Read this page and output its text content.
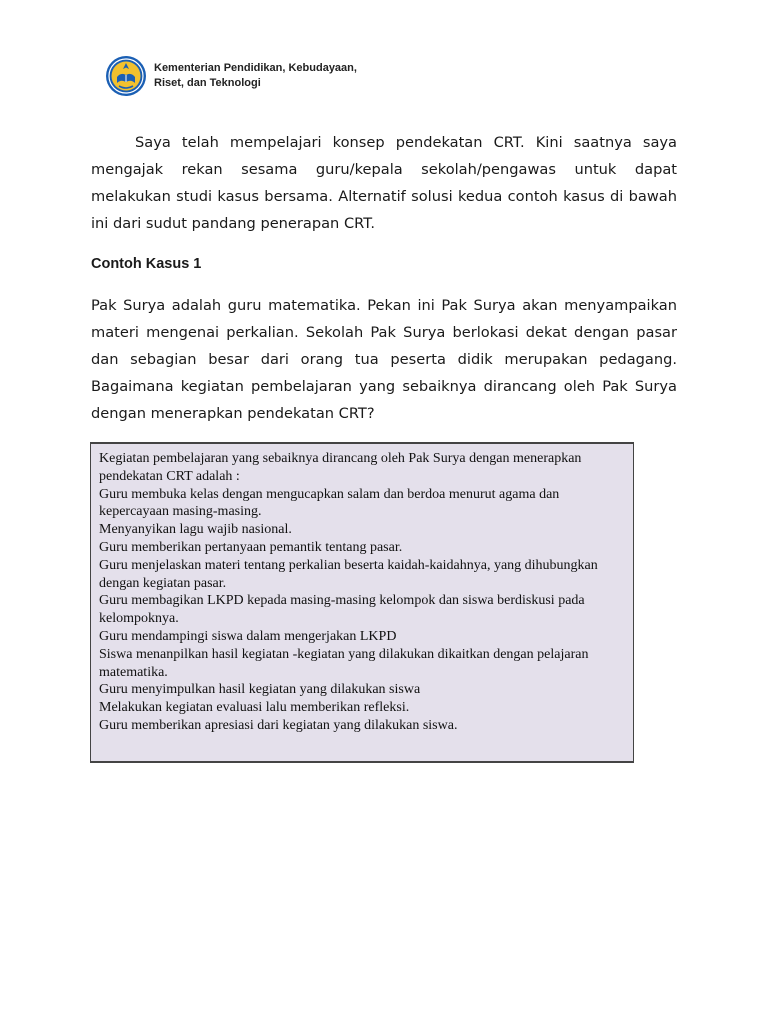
Kementerian Pendidikan, Kebudayaan,
Riset, dan Teknologi

Saya telah mempelajari konsep pendekatan CRT. Kini saatnya saya mengajak rekan sesama guru/kepala sekolah/pengawas untuk dapat melakukan studi kasus bersama. Alternatif solusi kedua contoh kasus di bawah ini dari sudut pandang penerapan CRT.

Contoh Kasus 1

Pak Surya adalah guru matematika. Pekan ini Pak Surya akan menyampaikan materi mengenai perkalian. Sekolah Pak Surya berlokasi dekat dengan pasar dan sebagian besar dari orang tua peserta didik merupakan pedagang. Bagaimana kegiatan pembelajaran yang sebaiknya dirancang oleh Pak Surya dengan menerapkan pendekatan CRT?

Kegiatan pembelajaran yang sebaiknya dirancang oleh Pak Surya dengan menerapkan pendekatan CRT adalah :
Guru membuka kelas dengan mengucapkan salam dan berdoa menurut agama dan kepercayaan masing-masing.
Menyanyikan lagu wajib nasional.
Guru memberikan pertanyaan pemantik tentang pasar.
Guru menjelaskan materi tentang perkalian beserta kaidah-kaidahnya, yang dihubungkan dengan kegiatan pasar.
Guru membagikan LKPD kepada masing-masing kelompok dan siswa berdiskusi pada kelompoknya.
Guru mendampingi siswa dalam mengerjakan LKPD
Siswa menanpilkan hasil kegiatan -kegiatan yang dilakukan dikaitkan dengan pelajaran matematika.
Guru menyimpulkan hasil kegiatan yang dilakukan siswa
Melakukan kegiatan evaluasi lalu memberikan refleksi.
Guru memberikan apresiasi dari kegiatan yang dilakukan siswa.
